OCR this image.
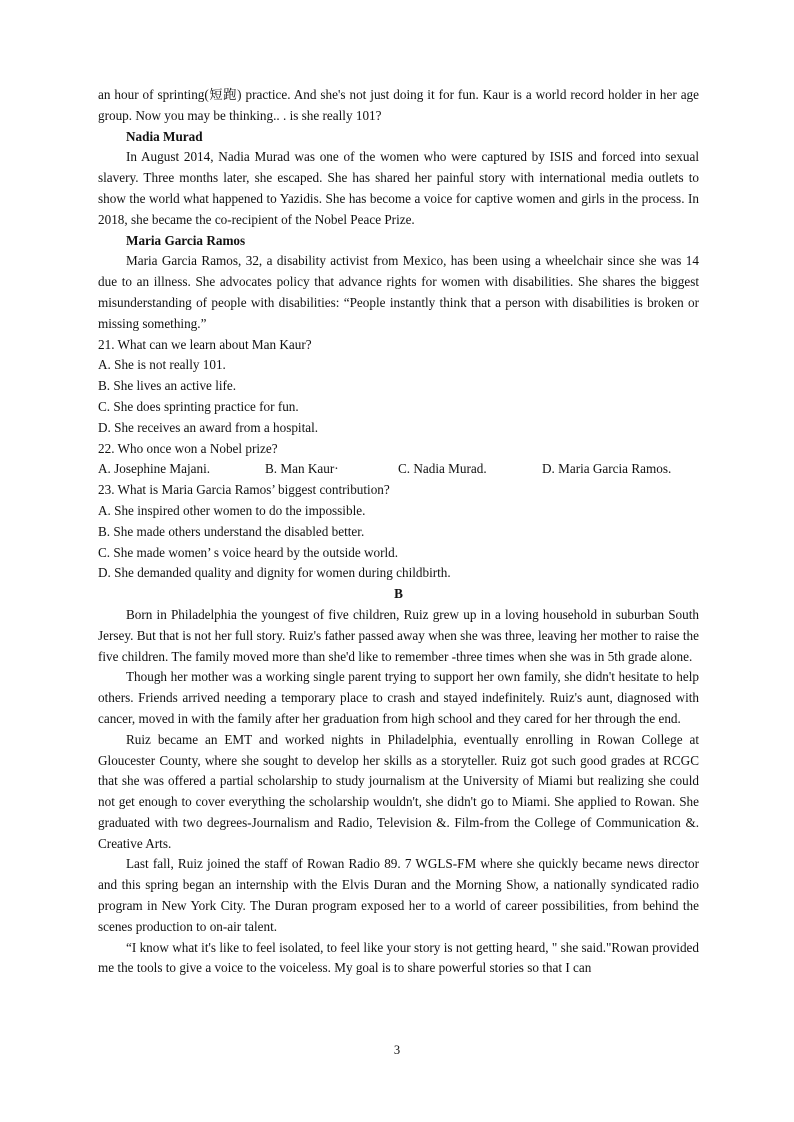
an hour of sprinting(短跑) practice. And she's not just doing it for fun. Kaur is a world record holder in her age group. Now you may be thinking.. . is she really 101?

Nadia Murad

In August 2014, Nadia Murad was one of the women who were captured by ISIS and forced into sexual slavery. Three months later, she escaped. She has shared her painful story with international media outlets to show the world what happened to Yazidis. She has become a voice for captive women and girls in the process. In 2018, she became the co-recipient of the Nobel Peace Prize.

Maria Garcia Ramos

Maria Garcia Ramos, 32, a disability activist from Mexico, has been using a wheelchair since she was 14 due to an illness. She advocates policy that advance rights for women with disabilities. She shares the biggest misunderstanding of people with disabilities: “People instantly think that a person with disabilities is broken or missing something.”

21. What can we learn about Man Kaur?

A. She is not really 101.

B. She lives an active life.

C. She does sprinting practice for fun.

D. She receives an award from a hospital.

22. Who once won a Nobel prize?

A. Josephine Majani.	B. Man Kaur·	C. Nadia Murad.	D. Maria Garcia Ramos.

23. What is Maria Garcia Ramos’ biggest contribution?

A. She inspired other women to do the impossible.

B. She made others understand the disabled better.

C. She made women’ s voice heard by the outside world.

D. She demanded quality and dignity for women during childbirth.

B

Born in Philadelphia the youngest of five children, Ruiz grew up in a loving household in suburban South Jersey. But that is not her full story. Ruiz's father passed away when she was three, leaving her mother to raise the five children. The family moved more than she'd like to remember -three times when she was in 5th grade alone.

Though her mother was a working single parent trying to support her own family, she didn't hesitate to help others. Friends arrived needing a temporary place to crash and stayed indefinitely. Ruiz's aunt, diagnosed with cancer, moved in with the family after her graduation from high school and they cared for her through the end.

Ruiz became an EMT and worked nights in Philadelphia, eventually enrolling in Rowan College at Gloucester County, where she sought to develop her skills as a storyteller. Ruiz got such good grades at RCGC that she was offered a partial scholarship to study journalism at the University of Miami but realizing she could not get enough to cover everything the scholarship wouldn't, she didn't go to Miami. She applied to Rowan. She graduated with two degrees-Journalism and Radio, Television &. Film-from the College of Communication &. Creative Arts.

Last fall, Ruiz joined the staff of Rowan Radio 89. 7 WGLS-FM where she quickly became news director and this spring began an internship with the Elvis Duran and the Morning Show, a nationally syndicated radio program in New York City. The Duran program exposed her to a world of career possibilities, from behind the scenes production to on-air talent.

“I know what it's like to feel isolated, to feel like your story is not getting heard, " she said."Rowan provided me the tools to give a voice to the voiceless. My goal is to share powerful stories so that I can

3
